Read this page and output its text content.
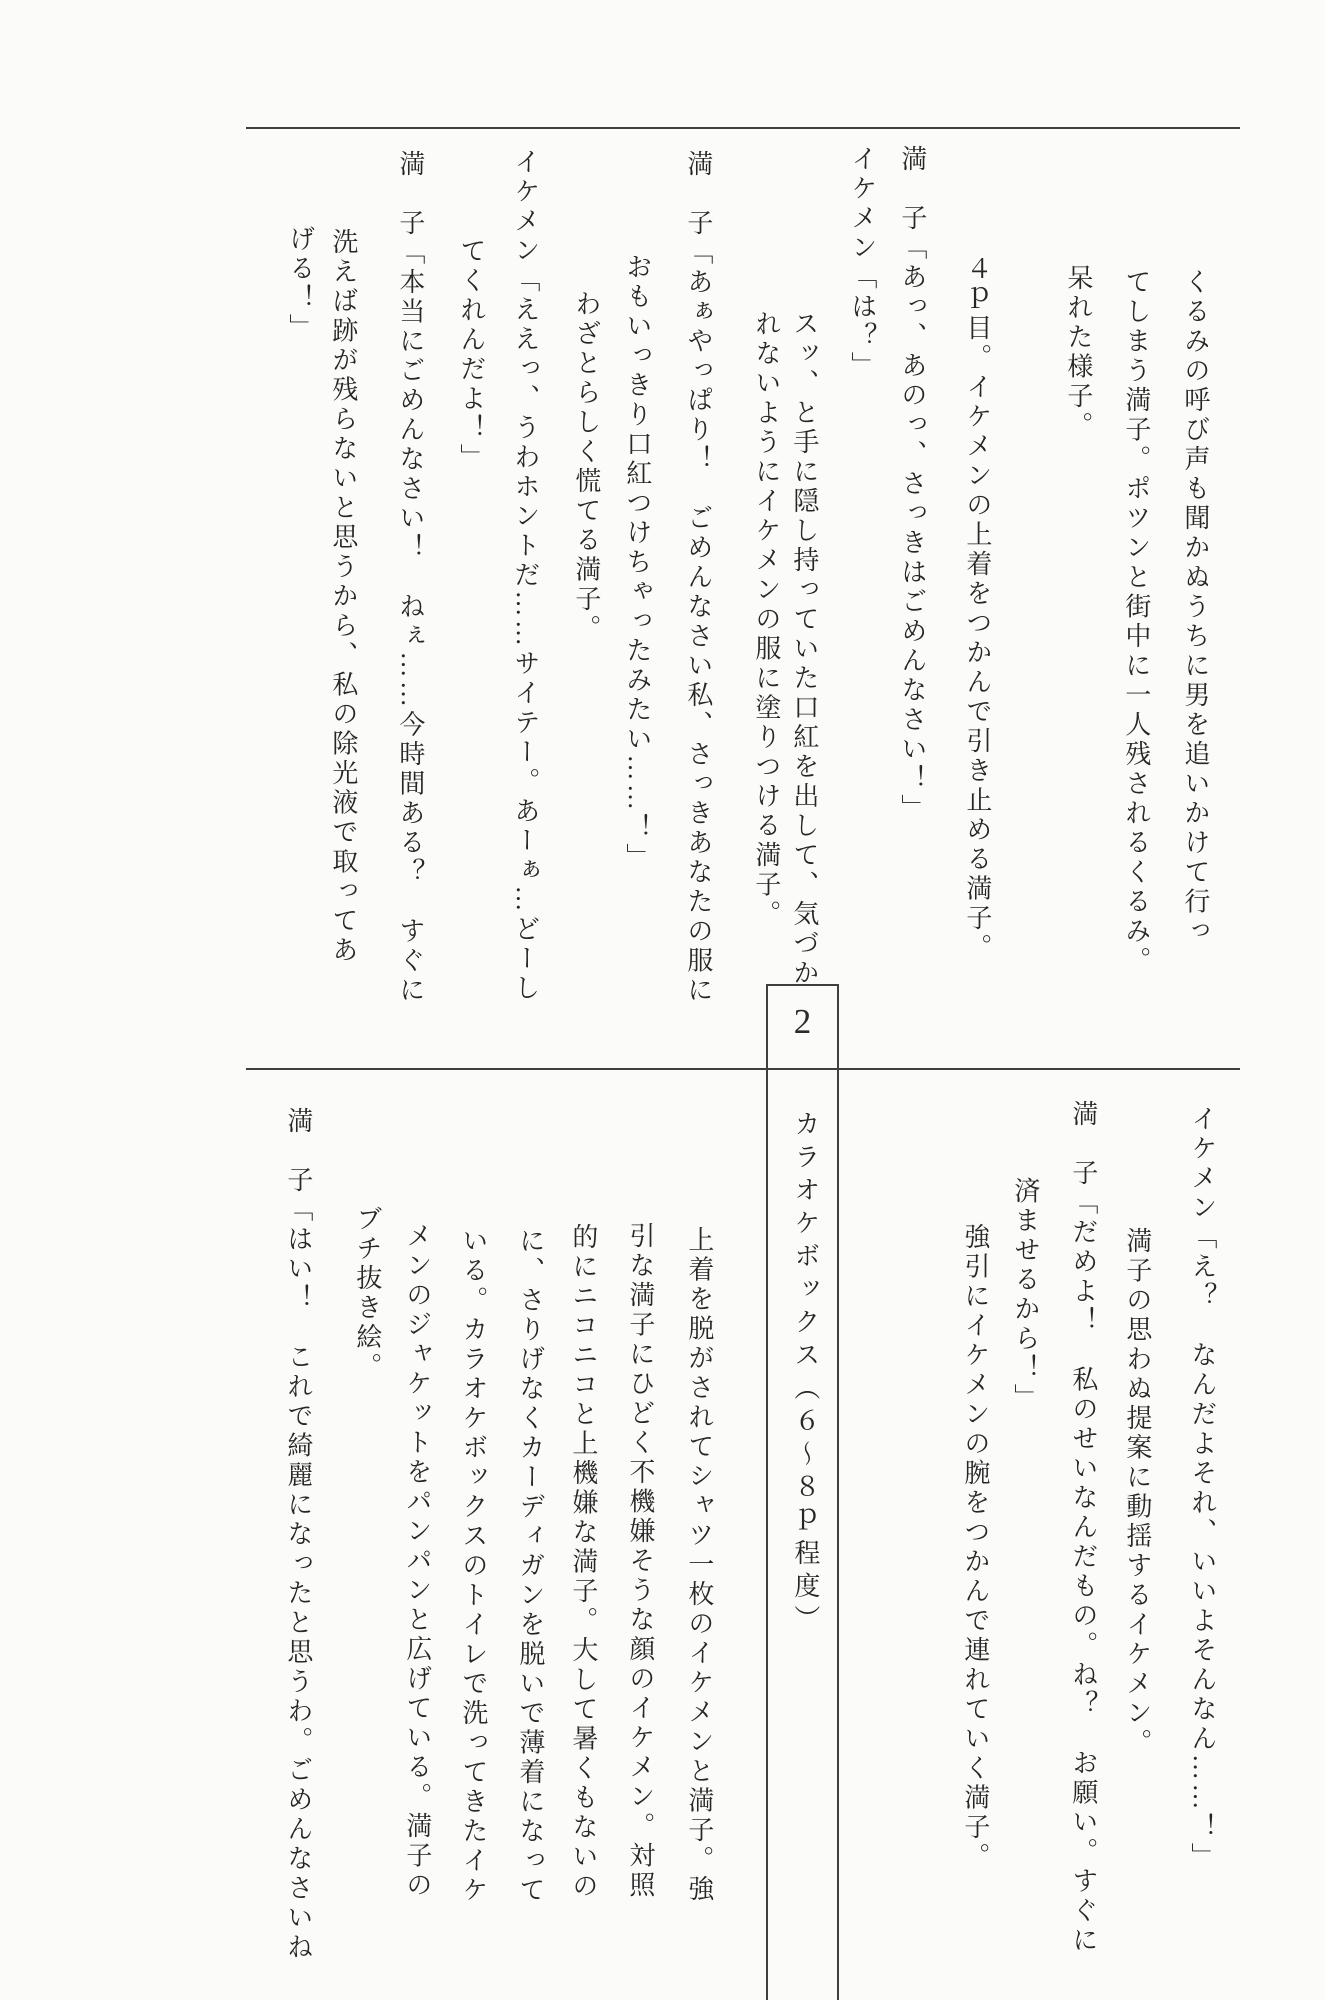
2
くるみの呼び声も聞かぬうちに男を追いかけて行っ
てしまう満子。ポツンと街中に一人残されるくるみ。
呆れた様子。
４ｐ目。イケメンの上着をつかんで引き止める満子。
満　子「あっ、あのっ、さっきはごめんなさい！」
イケメン「は？」
スッ、と手に隠し持っていた口紅を出して、気づか
れないようにイケメンの服に塗りつける満子。
満　子「あぁやっぱり！　ごめんなさい私、さっきあなたの服に
おもいっきり口紅つけちゃったみたい……！」
わざとらしく慌てる満子。
イケメン「ええっ、うわホントだ……サイテー。あーぁ…どーし
てくれんだよ！」
満　子「本当にごめんなさい！　ねぇ……今時間ある？　すぐに
洗えば跡が残らないと思うから、私の除光液で取ってあ
げる！」
カラオケボックス（６〜８ｐ程度）	イケメン「え？　なんだよそれ、いいよそんなん……！」
満子の思わぬ提案に動揺するイケメン。
満　子「だめよ！　私のせいなんだもの。ね？　お願い。すぐに
済ませるから！」
強引にイケメンの腕をつかんで連れていく満子。
上着を脱がされてシャツ一枚のイケメンと満子。強
引な満子にひどく不機嫌そうな顔のイケメン。対照
的にニコニコと上機嫌な満子。大して暑くもないの
に、さりげなくカーディガンを脱いで薄着になって
いる。カラオケボックスのトイレで洗ってきたイケ
メンのジャケットをパンパンと広げている。満子の
ブチ抜き絵。
満　子「はい！　これで綺麗になったと思うわ。ごめんなさいね
